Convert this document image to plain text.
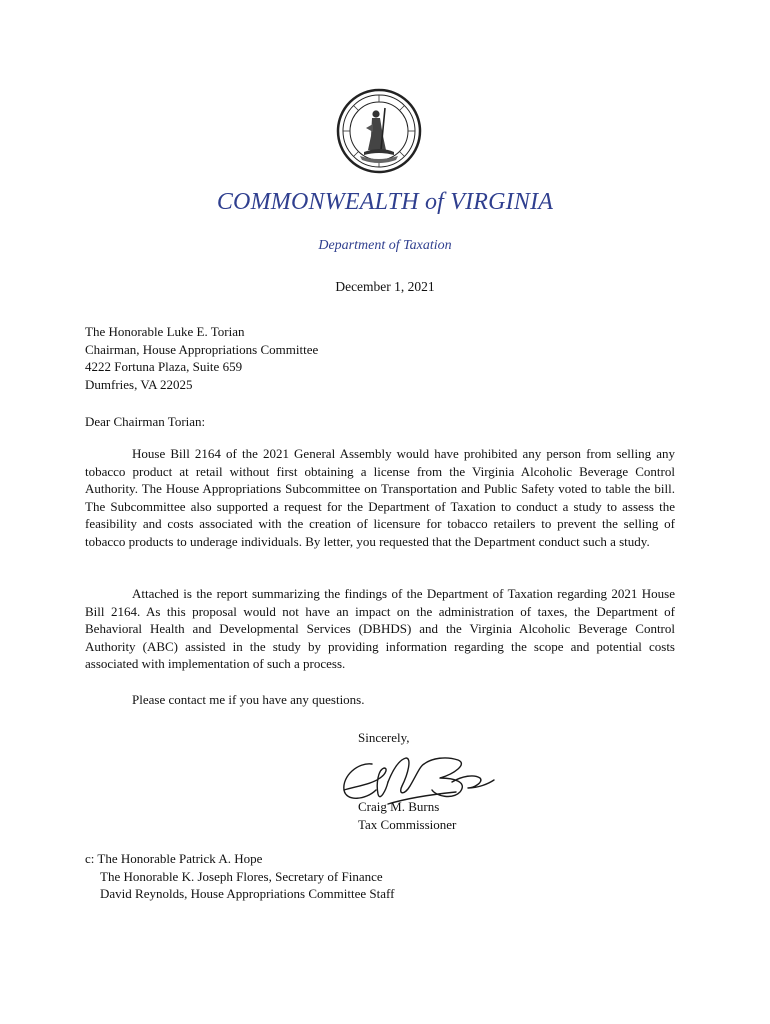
COMMONWEALTH of VIRGINIA
Department of Taxation
December 1, 2021
The Honorable Luke E. Torian
Chairman, House Appropriations Committee
4222 Fortuna Plaza, Suite 659
Dumfries, VA 22025
Dear Chairman Torian:
House Bill 2164 of the 2021 General Assembly would have prohibited any person from selling any tobacco product at retail without first obtaining a license from the Virginia Alcoholic Beverage Control Authority. The House Appropriations Subcommittee on Transportation and Public Safety voted to table the bill. The Subcommittee also supported a request for the Department of Taxation to conduct a study to assess the feasibility and costs associated with the creation of licensure for tobacco retailers to prevent the selling of tobacco products to underage individuals. By letter, you requested that the Department conduct such a study.
Attached is the report summarizing the findings of the Department of Taxation regarding 2021 House Bill 2164. As this proposal would not have an impact on the administration of taxes, the Department of Behavioral Health and Developmental Services (DBHDS) and the Virginia Alcoholic Beverage Control Authority (ABC) assisted in the study by providing information regarding the scope and potential costs associated with implementation of such a process.
Please contact me if you have any questions.
Sincerely,
Craig M. Burns
Tax Commissioner
c: The Honorable Patrick A. Hope
The Honorable K. Joseph Flores, Secretary of Finance
David Reynolds, House Appropriations Committee Staff
